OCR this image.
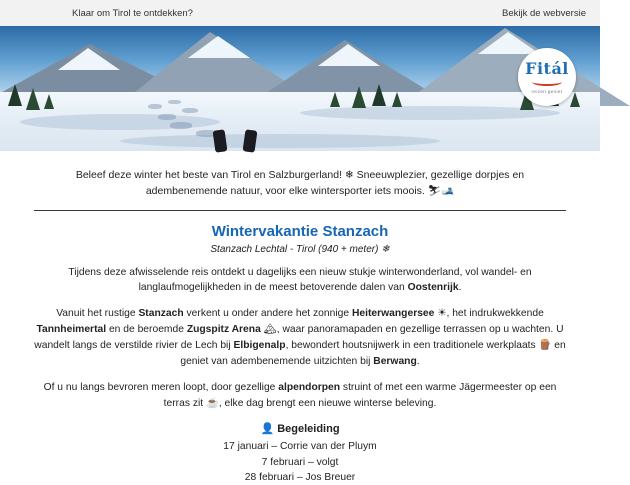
Klaar om Tirol te ontdekken?	Bekijk de webversie
Fitál
reizen geniet
Beleef deze winter het beste van Tirol en Salzburgerland! ❄ Sneeuwplezier, gezellige dorpjes en adembenemende natuur, voor elke wintersporter iets moois. ⛷🎿
Wintervakantie Stanzach
Stanzach Lechtal - Tirol (940 + meter) ❄

Tijdens deze afwisselende reis ontdekt u dagelijks een nieuw stukje winterwonderland, vol wandel- en langlaufmogelijkheden in de meest betoverende dalen van Oostenrijk.

Vanuit het rustige Stanzach verkent u onder andere het zonnige Heiterwangersee ☀, het indrukwekkende Tannheimertal en de beroemde Zugspitz Arena 🏔, waar panoramapaden en gezellige terrassen op u wachten. U wandelt langs de verstilde rivier de Lech bij Elbigenalp, bewondert houtsnijwerk in een traditionele werkplaats 🪵 en geniet van adembenemende uitzichten bij Berwang.

Of u nu langs bevroren meren loopt, door gezellige alpendorpen struint of met een warme Jägermeester op een terras zit ☕, elke dag brengt een nieuwe winterse beleving.

👤 Begeleiding
17 januari – Corrie van der Pluym
7 februari – volgt
28 februari – Jos Breuer
